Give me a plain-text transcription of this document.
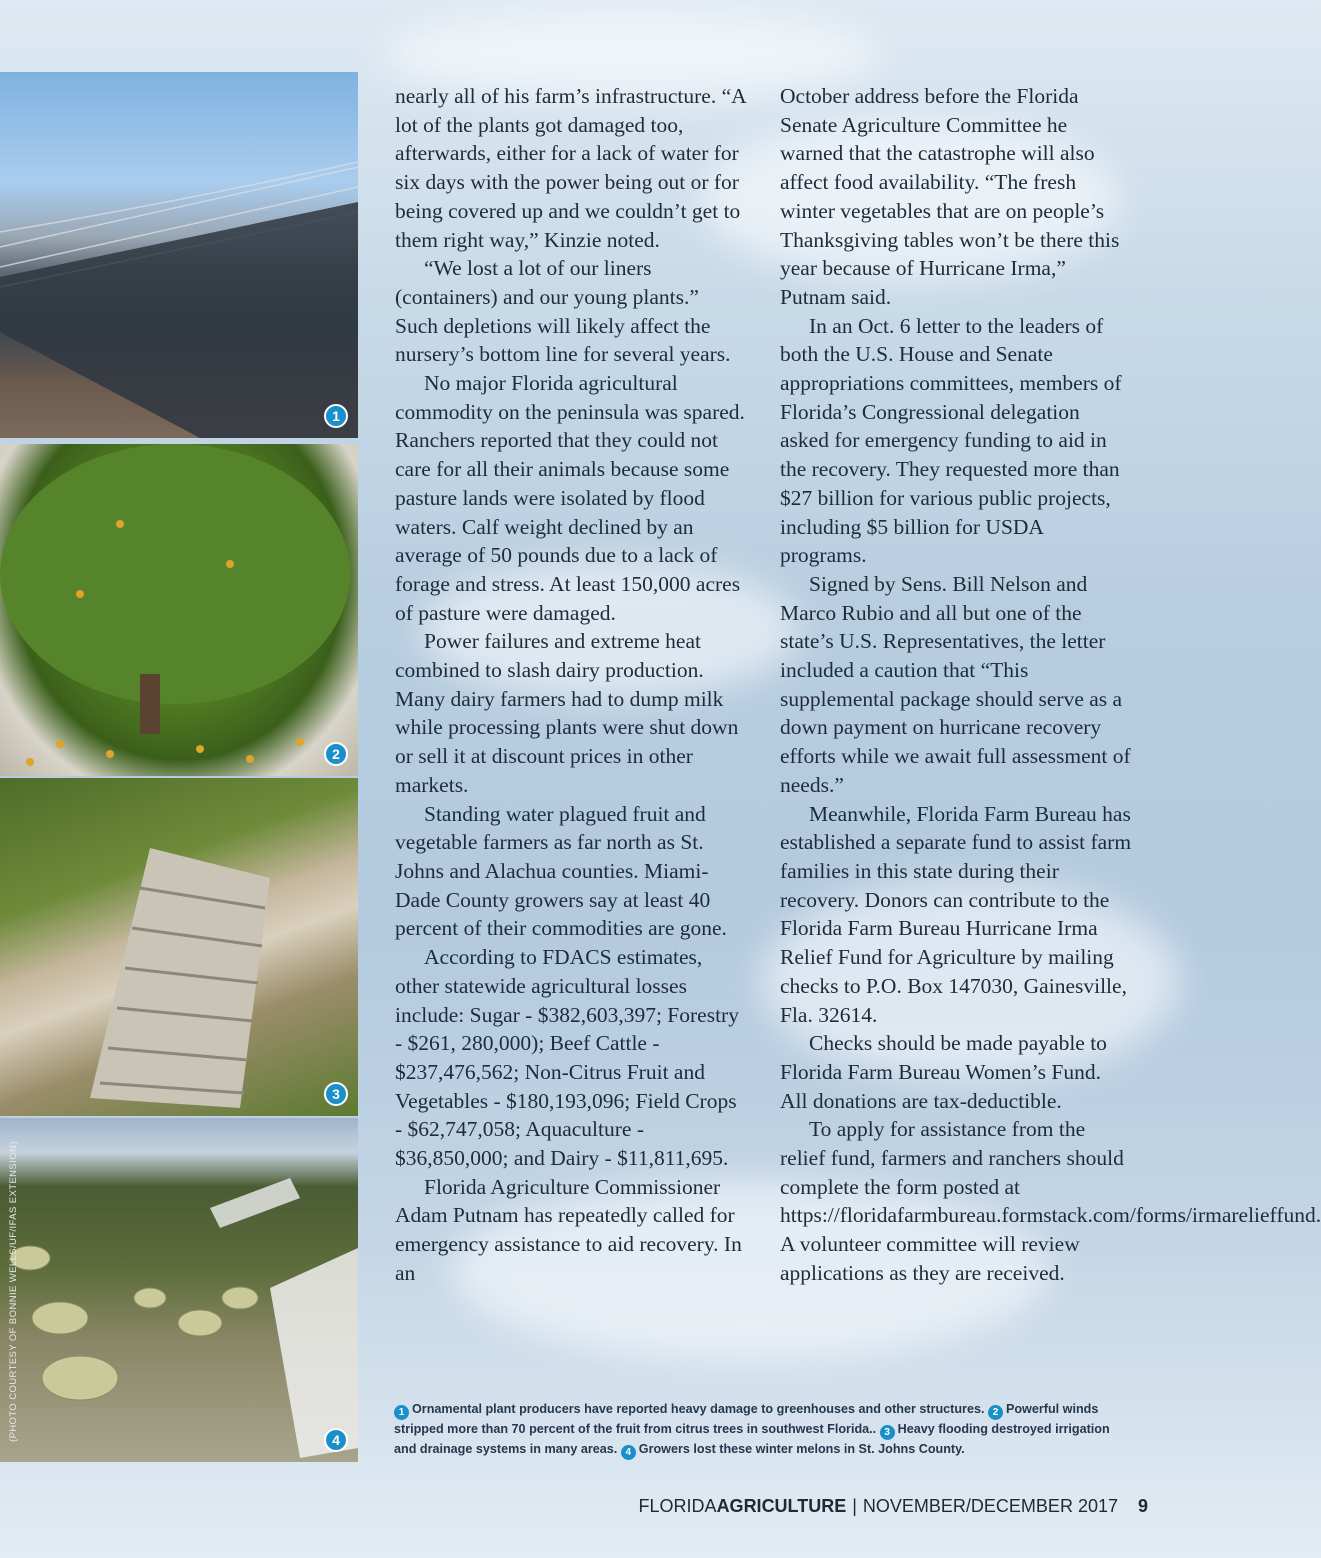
1
2
3
4
(PHOTO COURTESY OF BONNIE WELLS/UF/IFAS EXTENSION)

nearly all of his farm’s infrastructure. “A lot of the plants got damaged too, afterwards, either for a lack of water for six days with the power being out or for being covered up and we couldn’t get to them right way,” Kinzie noted.

“We lost a lot of our liners (containers) and our young plants.” Such depletions will likely affect the nursery’s bottom line for several years.

No major Florida agricultural commodity on the peninsula was spared. Ranchers reported that they could not care for all their animals because some pasture lands were isolated by flood waters. Calf weight declined by an average of 50 pounds due to a lack of forage and stress. At least 150,000 acres of pasture were damaged.

Power failures and extreme heat combined to slash dairy production. Many dairy farmers had to dump milk while processing plants were shut down or sell it at discount prices in other markets.

Standing water plagued fruit and vegetable farmers as far north as St. Johns and Alachua counties. Miami-Dade County growers say at least 40 percent of their commodities are gone.

According to FDACS estimates, other statewide agricultural losses include: Sugar - $382,603,397; Forestry - $261, 280,000); Beef Cattle - $237,476,562; Non-Citrus Fruit and Vegetables - $180,193,096; Field Crops - $62,747,058; Aquaculture - $36,850,000; and Dairy - $11,811,695.

Florida Agriculture Commissioner Adam Putnam has repeatedly called for emergency assistance to aid recovery. In an

October address before the Florida Senate Agriculture Committee he warned that the catastrophe will also affect food availability. “The fresh winter vegetables that are on people’s Thanksgiving tables won’t be there this year because of Hurricane Irma,” Putnam said.

In an Oct. 6 letter to the leaders of both the U.S. House and Senate appropriations committees, members of Florida’s Congressional delegation asked for emergency funding to aid in the recovery. They requested more than $27 billion for various public projects, including $5 billion for USDA programs.

Signed by Sens. Bill Nelson and Marco Rubio and all but one of the state’s U.S. Representatives, the letter included a caution that “This supplemental package should serve as a down payment on hurricane recovery efforts while we await full assessment of needs.”

Meanwhile, Florida Farm Bureau has established a separate fund to assist farm families in this state during their recovery. Donors can contribute to the Florida Farm Bureau Hurricane Irma Relief Fund for Agriculture by mailing checks to P.O. Box 147030, Gainesville, Fla. 32614.

Checks should be made payable to Florida Farm Bureau Women’s Fund. All donations are tax-deductible.

To apply for assistance from the relief fund, farmers and ranchers should complete the form posted at https://floridafarmbureau.formstack.com/forms/irmarelieffund. A volunteer committee will review applications as they are received.

1 Ornamental plant producers have reported heavy damage to greenhouses and other structures. 2 Powerful winds stripped more than 70 percent of the fruit from citrus trees in southwest Florida.. 3 Heavy flooding destroyed irrigation and drainage systems in many areas. 4 Growers lost these winter melons in St. Johns County.
FLORIDAAGRICULTURE | NOVEMBER/DECEMBER 2017 9
